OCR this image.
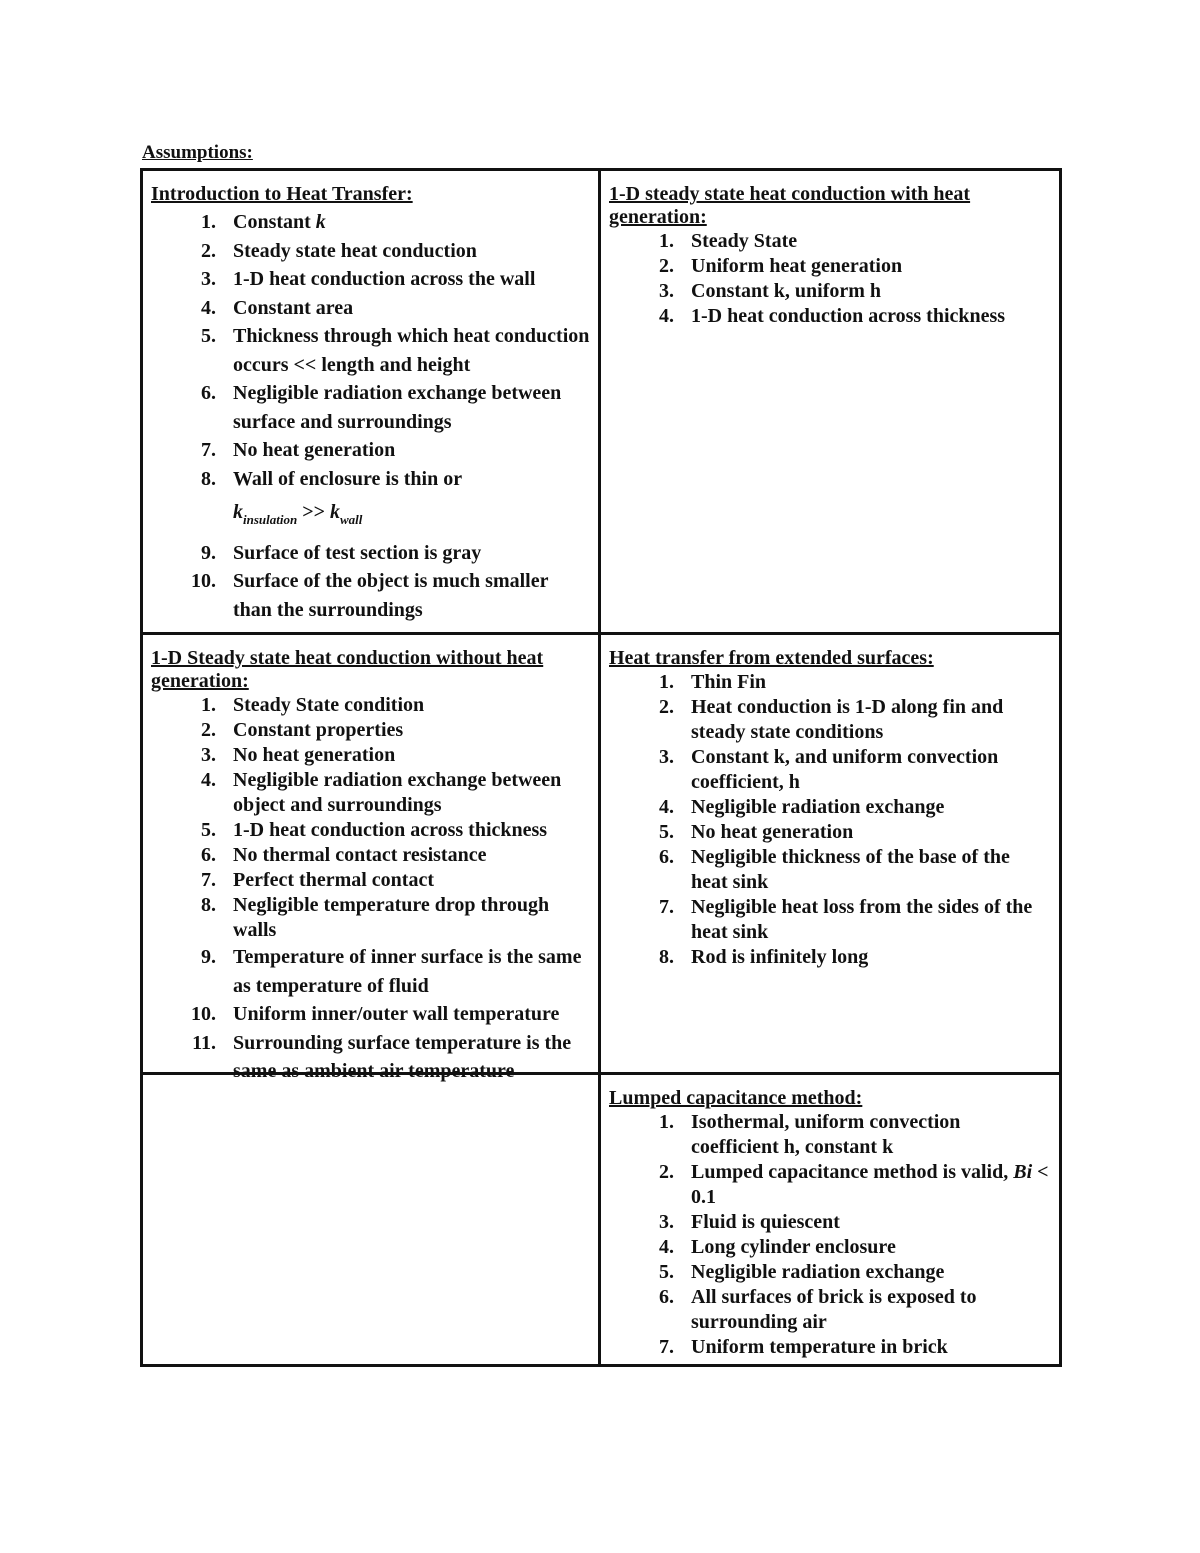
Assumptions:
Introduction to Heat Transfer:
1. Constant k
2. Steady state heat conduction
3. 1-D heat conduction across the wall
4. Constant area
5. Thickness through which heat conduction occurs << length and height
6. Negligible radiation exchange between surface and surroundings
7. No heat generation
8. Wall of enclosure is thin or
$k_{insulation} >> k_{wall}$
9. Surface of test section is gray
10. Surface of the object is much smaller than the surroundings
1-D steady state heat conduction with heat generation:
1. Steady State
2. Uniform heat generation
3. Constant k, uniform h
4. 1-D heat conduction across thickness
1-D Steady state heat conduction without heat generation:
1. Steady State condition
2. Constant properties
3. No heat generation
4. Negligible radiation exchange between object and surroundings
5. 1-D heat conduction across thickness
6. No thermal contact resistance
7. Perfect thermal contact
8. Negligible temperature drop through walls
9. Temperature of inner surface is the same as temperature of fluid
10. Uniform inner/outer wall temperature
11. Surrounding surface temperature is the same as ambient air temperature
Heat transfer from extended surfaces:
1. Thin Fin
2. Heat conduction is 1-D along fin and steady state conditions
3. Constant k, and uniform convection coefficient, h
4. Negligible radiation exchange
5. No heat generation
6. Negligible thickness of the base of the heat sink
7. Negligible heat loss from the sides of the heat sink
8. Rod is infinitely long
Lumped capacitance method:
1. Isothermal, uniform convection coefficient h, constant k
2. Lumped capacitance method is valid, Bi < 0.1
3. Fluid is quiescent
4. Long cylinder enclosure
5. Negligible radiation exchange
6. All surfaces of brick is exposed to surrounding air
7. Uniform temperature in brick
